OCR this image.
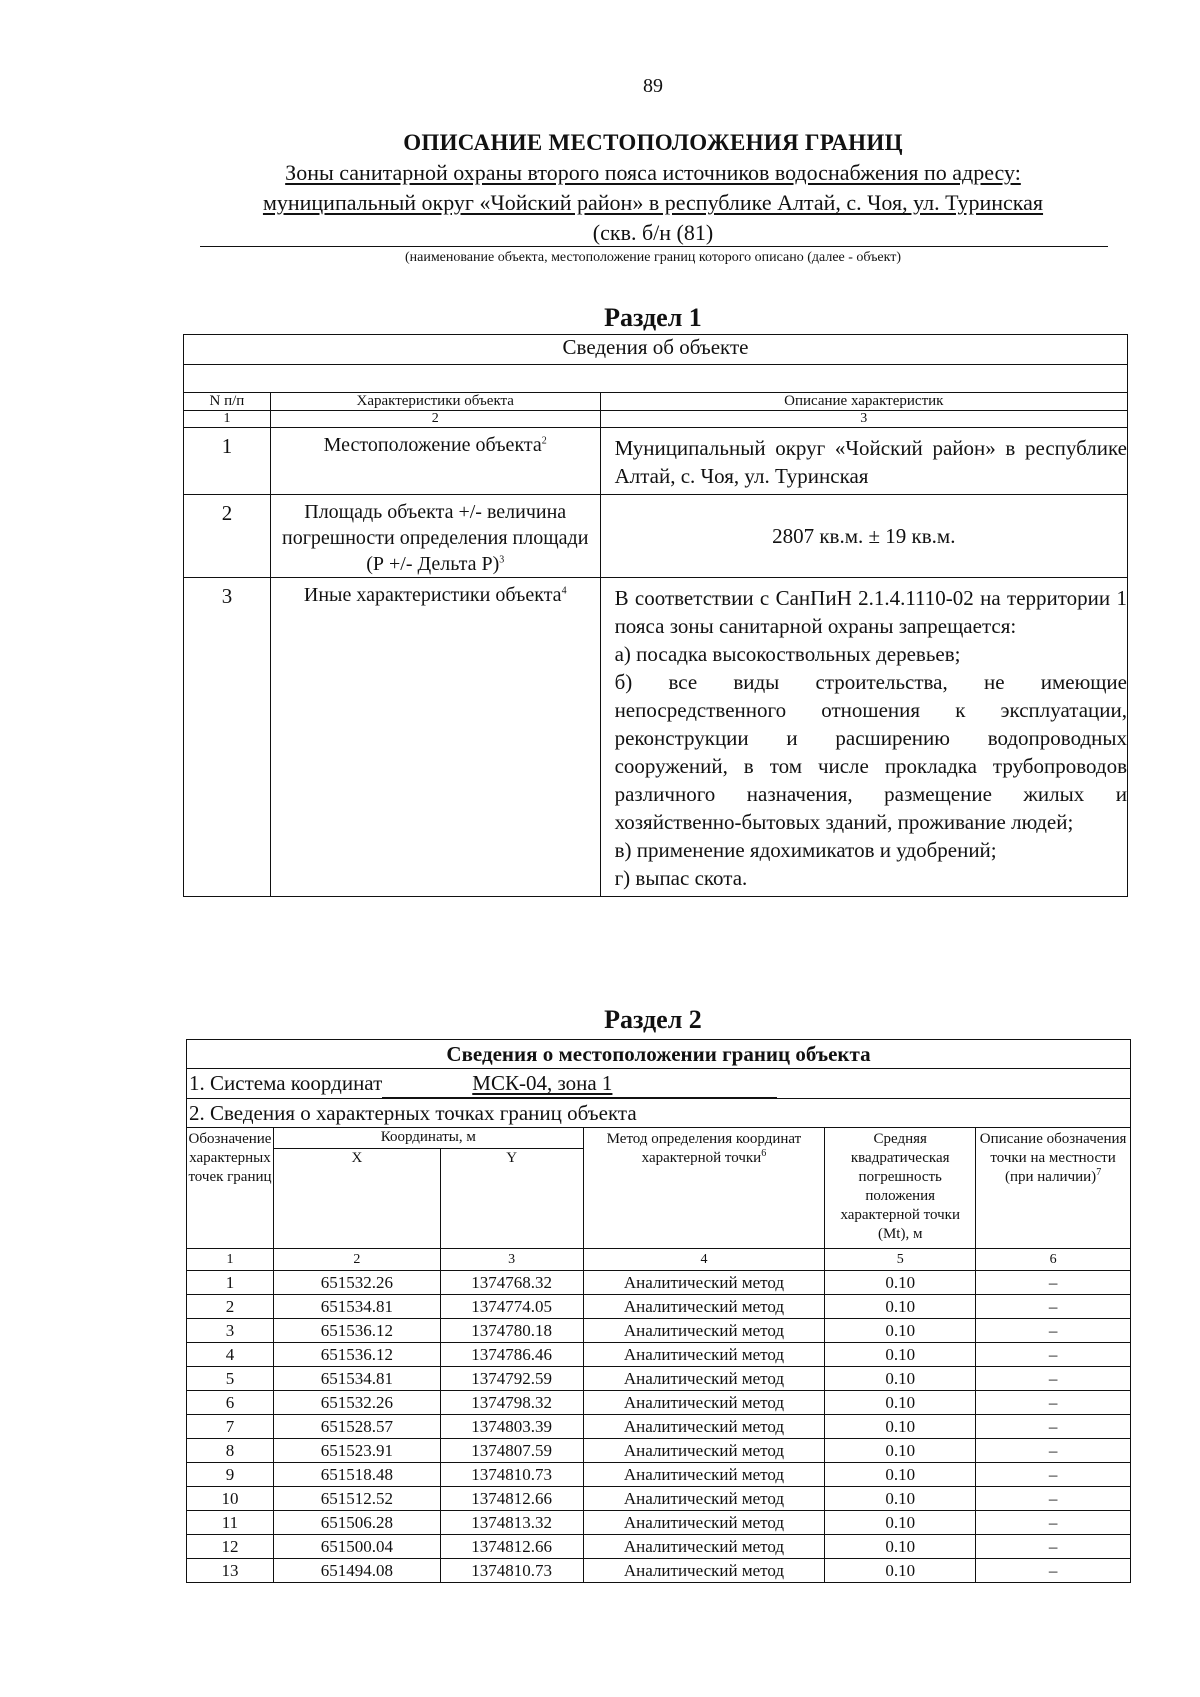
89
ОПИСАНИЕ МЕСТОПОЛОЖЕНИЯ ГРАНИЦ
Зоны санитарной охраны второго пояса источников водоснабжения по адресу:
муниципальный округ «Чойский район» в республике Алтай, с. Чоя, ул. Туринская
(скв. б/н (81)
(наименование объекта, местоположение границ которого описано (далее - объект)
Раздел 1
Сведения об объекте		

N п/п	Характеристики объекта	Описание характеристик
1	2	3
1	Местоположение объекта$^2$	Муниципальный округ «Чойский район» в республике Алтай, с. Чоя, ул. Туринская
2	Площадь объекта +/- величина погрешности определения площади (Р +/- Дельта Р)$^3$	2807 кв.м. ± 19 кв.м.
3	Иные характеристики объекта$^4$	В соответствии с СанПиН 2.1.4.1110-02 на территории 1 пояса зоны санитарной охраны запрещается:
а) посадка высокоствольных деревьев;
б) все виды строительства, не имеющие непосредственного отношения к эксплуатации, реконструкции и расширению водопроводных сооружений, в том числе прокладка трубопроводов различного назначения, размещение жилых и хозяйственно-бытовых зданий, проживание людей;
в) применение ядохимикатов и удобрений;
г) выпас скота.
Раздел 2
Сведения о местоположении границ объекта					
1. Система координат МСК-04, зона 1					
2. Сведения о характерных точках границ объекта					
Обозначение характерных точек границ	Координаты, м		Метод определения координат характерной точки$^6$	Средняя квадратическая погрешность положения характерной точки (Mt), м	Описание обозначения точки на местности (при наличии)$^7$
	X	Y			
1	2	3	4	5	6
1	651532.26	1374768.32	Аналитический метод	0.10	–
2	651534.81	1374774.05	Аналитический метод	0.10	–
3	651536.12	1374780.18	Аналитический метод	0.10	–
4	651536.12	1374786.46	Аналитический метод	0.10	–
5	651534.81	1374792.59	Аналитический метод	0.10	–
6	651532.26	1374798.32	Аналитический метод	0.10	–
7	651528.57	1374803.39	Аналитический метод	0.10	–
8	651523.91	1374807.59	Аналитический метод	0.10	–
9	651518.48	1374810.73	Аналитический метод	0.10	–
10	651512.52	1374812.66	Аналитический метод	0.10	–
11	651506.28	1374813.32	Аналитический метод	0.10	–
12	651500.04	1374812.66	Аналитический метод	0.10	–
13	651494.08	1374810.73	Аналитический метод	0.10	–
